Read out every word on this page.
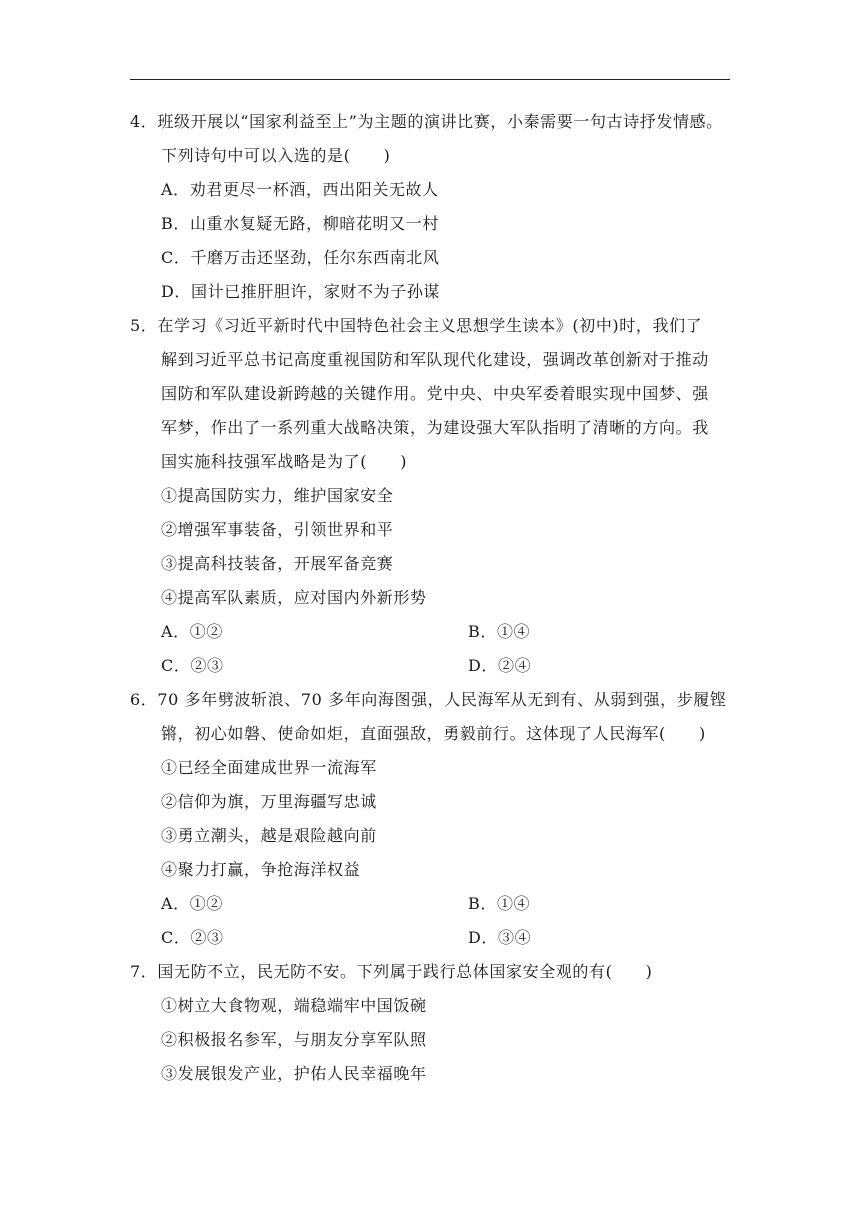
4．班级开展以“国家利益至上”为主题的演讲比赛，小秦需要一句古诗抒发情感。
下列诗句中可以入选的是(　　)
A．劝君更尽一杯酒，西出阳关无故人
B．山重水复疑无路，柳暗花明又一村
C．千磨万击还坚劲，任尔东西南北风
D．国计已推肝胆许，家财不为子孙谋
5．在学习《习近平新时代中国特色社会主义思想学生读本》(初中)时，我们了
解到习近平总书记高度重视国防和军队现代化建设，强调改革创新对于推动
国防和军队建设新跨越的关键作用。党中央、中央军委着眼实现中国梦、强
军梦，作出了一系列重大战略决策，为建设强大军队指明了清晰的方向。我
国实施科技强军战略是为了(　　)
①提高国防实力，维护国家安全
②增强军事装备，引领世界和平
③提高科技装备，开展军备竞赛
④提高军队素质，应对国内外新形势
A．①②	B．①④
C．②③	D．②④
6．70 多年劈波斩浪、70 多年向海图强，人民海军从无到有、从弱到强，步履铿
锵，初心如磐、使命如炬，直面强敌，勇毅前行。这体现了人民海军(　　)
①已经全面建成世界一流海军
②信仰为旗，万里海疆写忠诚
③勇立潮头，越是艰险越向前
④聚力打赢，争抢海洋权益
A．①②	B．①④
C．②③	D．③④
7．国无防不立，民无防不安。下列属于践行总体国家安全观的有(　　)
①树立大食物观，端稳端牢中国饭碗
②积极报名参军，与朋友分享军队照
③发展银发产业，护佑人民幸福晚年
